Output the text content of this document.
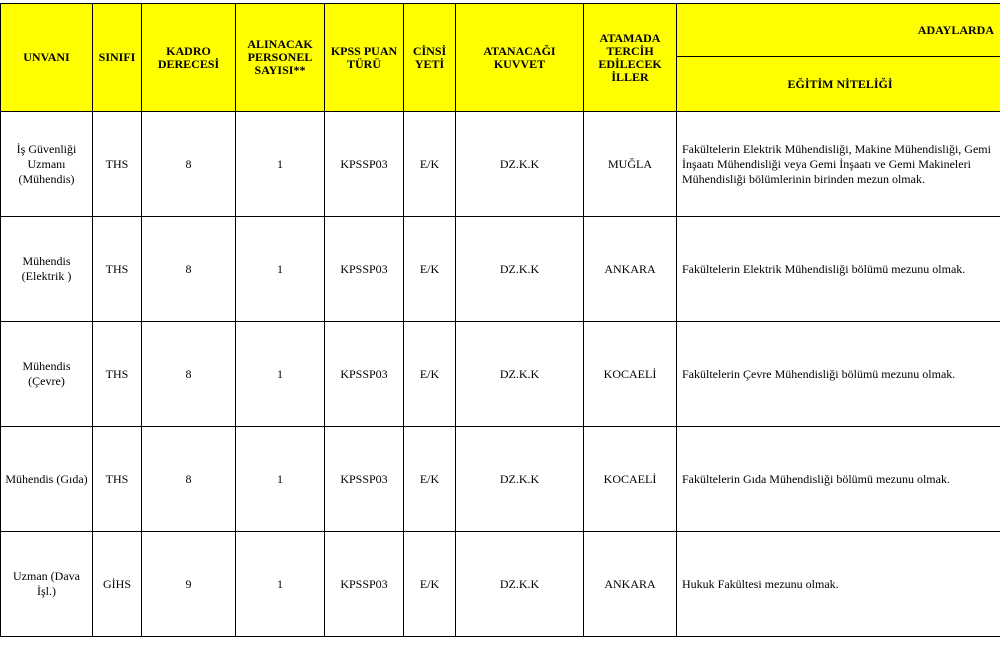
UNVANI	SINIFI	KADRO DERECESİ	ALINACAK PERSONEL SAYISI**	KPSS PUAN TÜRÜ	CİNSİ YETİ	ATANACAĞI KUVVET	ATAMADA TERCİH EDİLECEK İLLER	ADAYLARDA	
								EĞİTİM NİTELİĞİ	
İş Güvenliği Uzmanı (Mühendis)	THS	8	1	KPSSP03	E/K	DZ.K.K	MUĞLA	Fakültelerin Elektrik Mühendisliği, Makine Mühendisliği, Gemi İnşaatı Mühendisliği veya Gemi İnşaatı ve Gemi Makineleri Mühendisliği bölümlerinin birinden mezun olmak.	
Mühendis (Elektrik )	THS	8	1	KPSSP03	E/K	DZ.K.K	ANKARA	Fakültelerin Elektrik Mühendisliği bölümü mezunu olmak.	
Mühendis (Çevre)	THS	8	1	KPSSP03	E/K	DZ.K.K	KOCAELİ	Fakültelerin Çevre Mühendisliği bölümü mezunu olmak.	
Mühendis (Gıda)	THS	8	1	KPSSP03	E/K	DZ.K.K	KOCAELİ	Fakültelerin Gıda Mühendisliği bölümü mezunu olmak.	
Uzman (Dava İşl.)	GİHS	9	1	KPSSP03	E/K	DZ.K.K	ANKARA	Hukuk Fakültesi mezunu olmak.	
